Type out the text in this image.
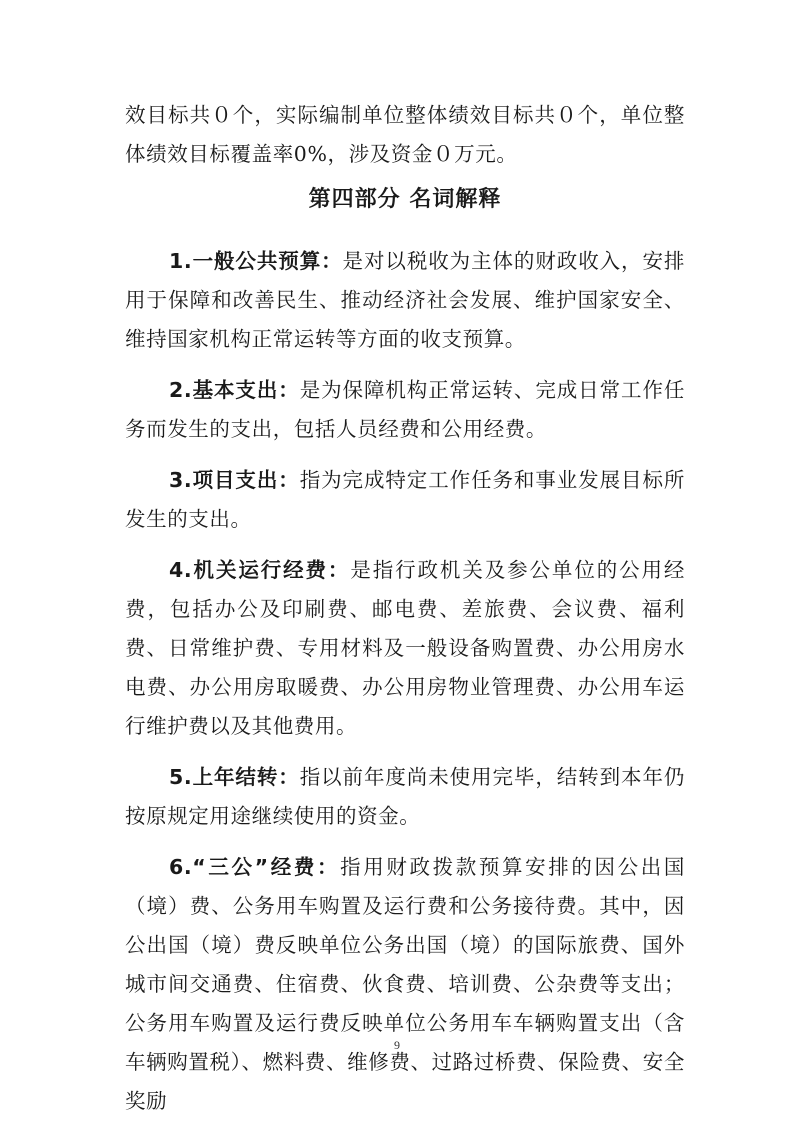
效目标共０个，实际编制单位整体绩效目标共０个，单位整体绩效目标覆盖率0%，涉及资金０万元。

第四部分 名词解释

1.一般公共预算：是对以税收为主体的财政收入，安排用于保障和改善民生、推动经济社会发展、维护国家安全、维持国家机构正常运转等方面的收支预算。

2.基本支出：是为保障机构正常运转、完成日常工作任务而发生的支出，包括人员经费和公用经费。

3.项目支出：指为完成特定工作任务和事业发展目标所发生的支出。

4.机关运行经费：是指行政机关及参公单位的公用经费，包括办公及印刷费、邮电费、差旅费、会议费、福利费、日常维护费、专用材料及一般设备购置费、办公用房水电费、办公用房取暖费、办公用房物业管理费、办公用车运行维护费以及其他费用。

5.上年结转：指以前年度尚未使用完毕，结转到本年仍按原规定用途继续使用的资金。

6.“三公”经费：指用财政拨款预算安排的因公出国（境）费、公务用车购置及运行费和公务接待费。其中，因公出国（境）费反映单位公务出国（境）的国际旅费、国外城市间交通费、住宿费、伙食费、培训费、公杂费等支出；公务用车购置及运行费反映单位公务用车车辆购置支出（含车辆购置税）、燃料费、维修费、过路过桥费、保险费、安全奖励

9
